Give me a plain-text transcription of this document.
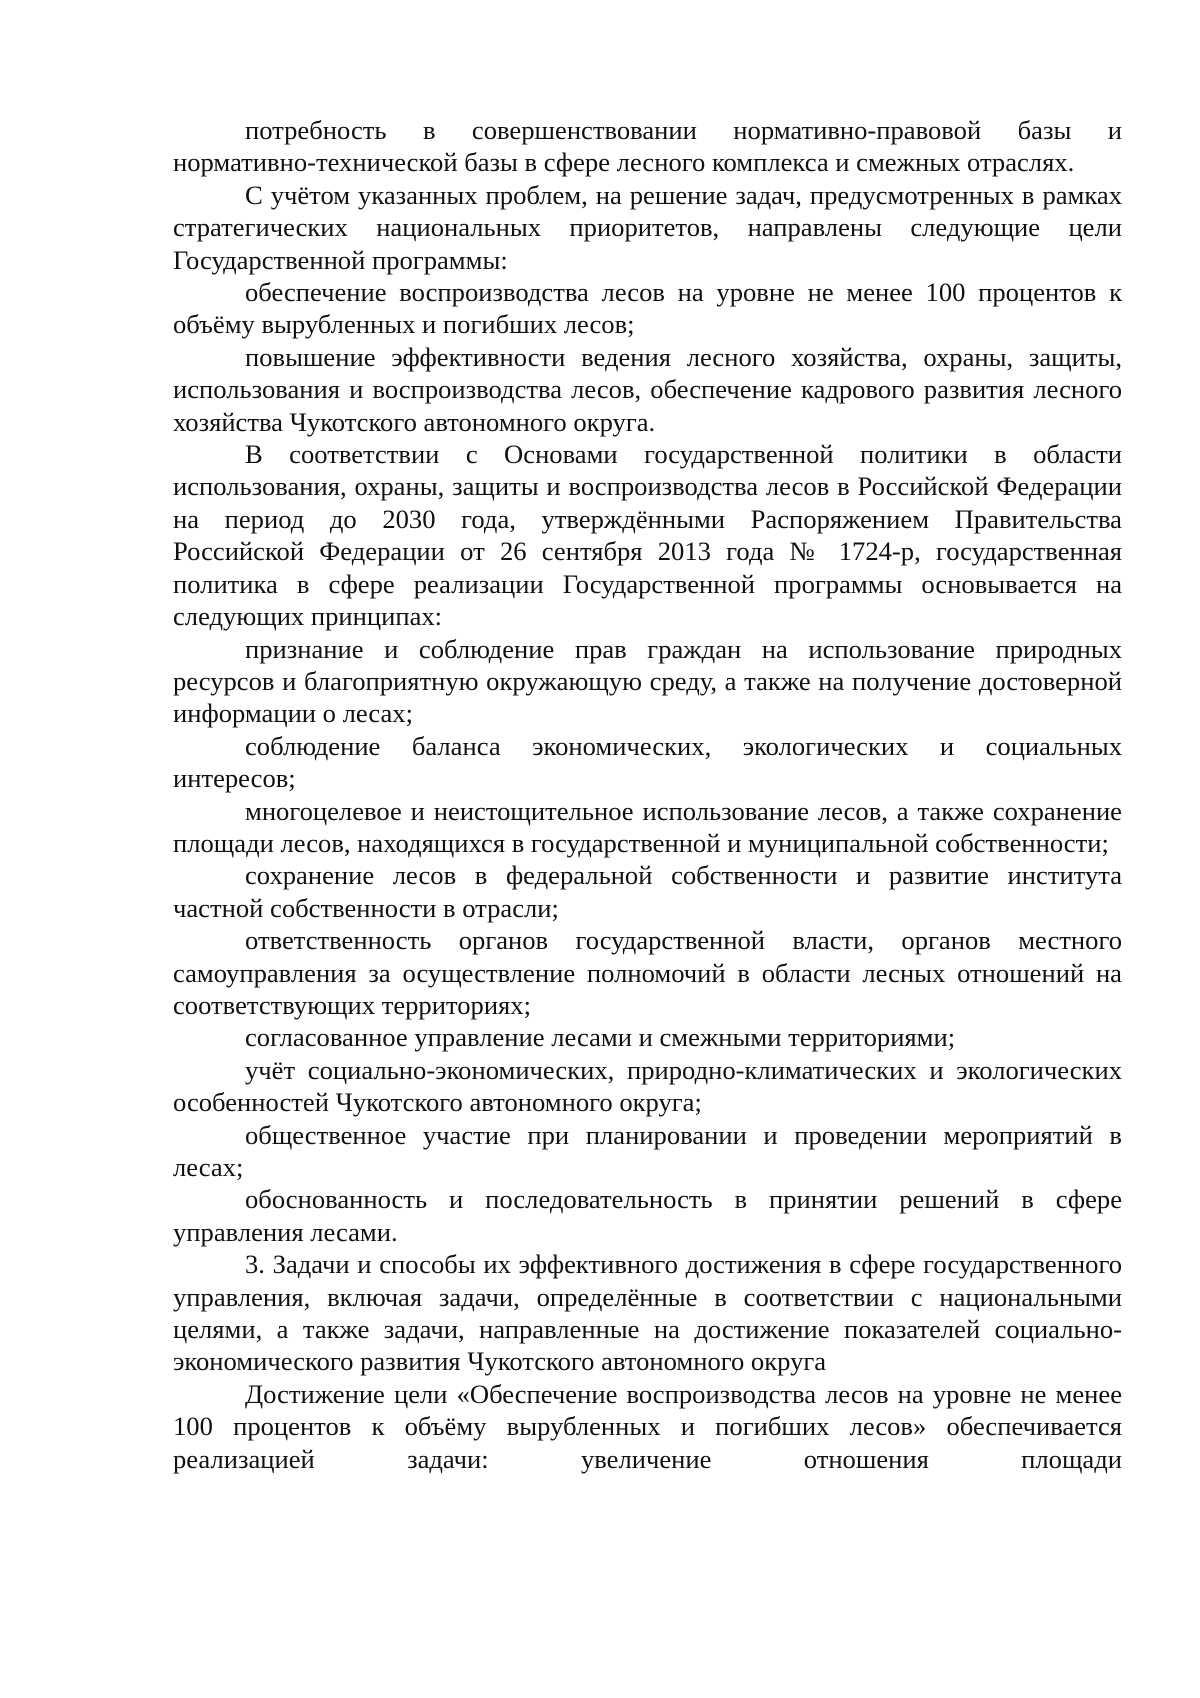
потребность в совершенствовании нормативно-правовой базы и нормативно-технической базы в сфере лесного комплекса и смежных отраслях.

С учётом указанных проблем, на решение задач, предусмотренных в рамках стратегических национальных приоритетов, направлены следующие цели Государственной программы:

обеспечение воспроизводства лесов на уровне не менее 100 процентов к объёму вырубленных и погибших лесов;

повышение эффективности ведения лесного хозяйства, охраны, защиты, использования и воспроизводства лесов, обеспечение кадрового развития лесного хозяйства Чукотского автономного округа.

В соответствии с Основами государственной политики в области использования, охраны, защиты и воспроизводства лесов в Российской Федерации на период до 2030 года, утверждёнными Распоряжением Правительства Российской Федерации от 26 сентября 2013 года № 1724-р, государственная политика в сфере реализации Государственной программы основывается на следующих принципах:

признание и соблюдение прав граждан на использование природных ресурсов и благоприятную окружающую среду, а также на получение достоверной информации о лесах;

соблюдение баланса экономических, экологических и социальных интересов;

многоцелевое и неистощительное использование лесов, а также сохранение площади лесов, находящихся в государственной и муниципальной собственности;

сохранение лесов в федеральной собственности и развитие института частной собственности в отрасли;

ответственность органов государственной власти, органов местного самоуправления за осуществление полномочий в области лесных отношений на соответствующих территориях;

согласованное управление лесами и смежными территориями;

учёт социально-экономических, природно-климатических и экологических особенностей Чукотского автономного округа;

общественное участие при планировании и проведении мероприятий в лесах;

обоснованность и последовательность в принятии решений в сфере управления лесами.

3. Задачи и способы их эффективного достижения в сфере государственного управления, включая задачи, определённые в соответствии с национальными целями, а также задачи, направленные на достижение показателей социально-экономического развития Чукотского автономного округа

Достижение цели «Обеспечение воспроизводства лесов на уровне не менее 100 процентов к объёму вырубленных и погибших лесов» обеспечивается реализацией задачи: увеличение отношения площади
